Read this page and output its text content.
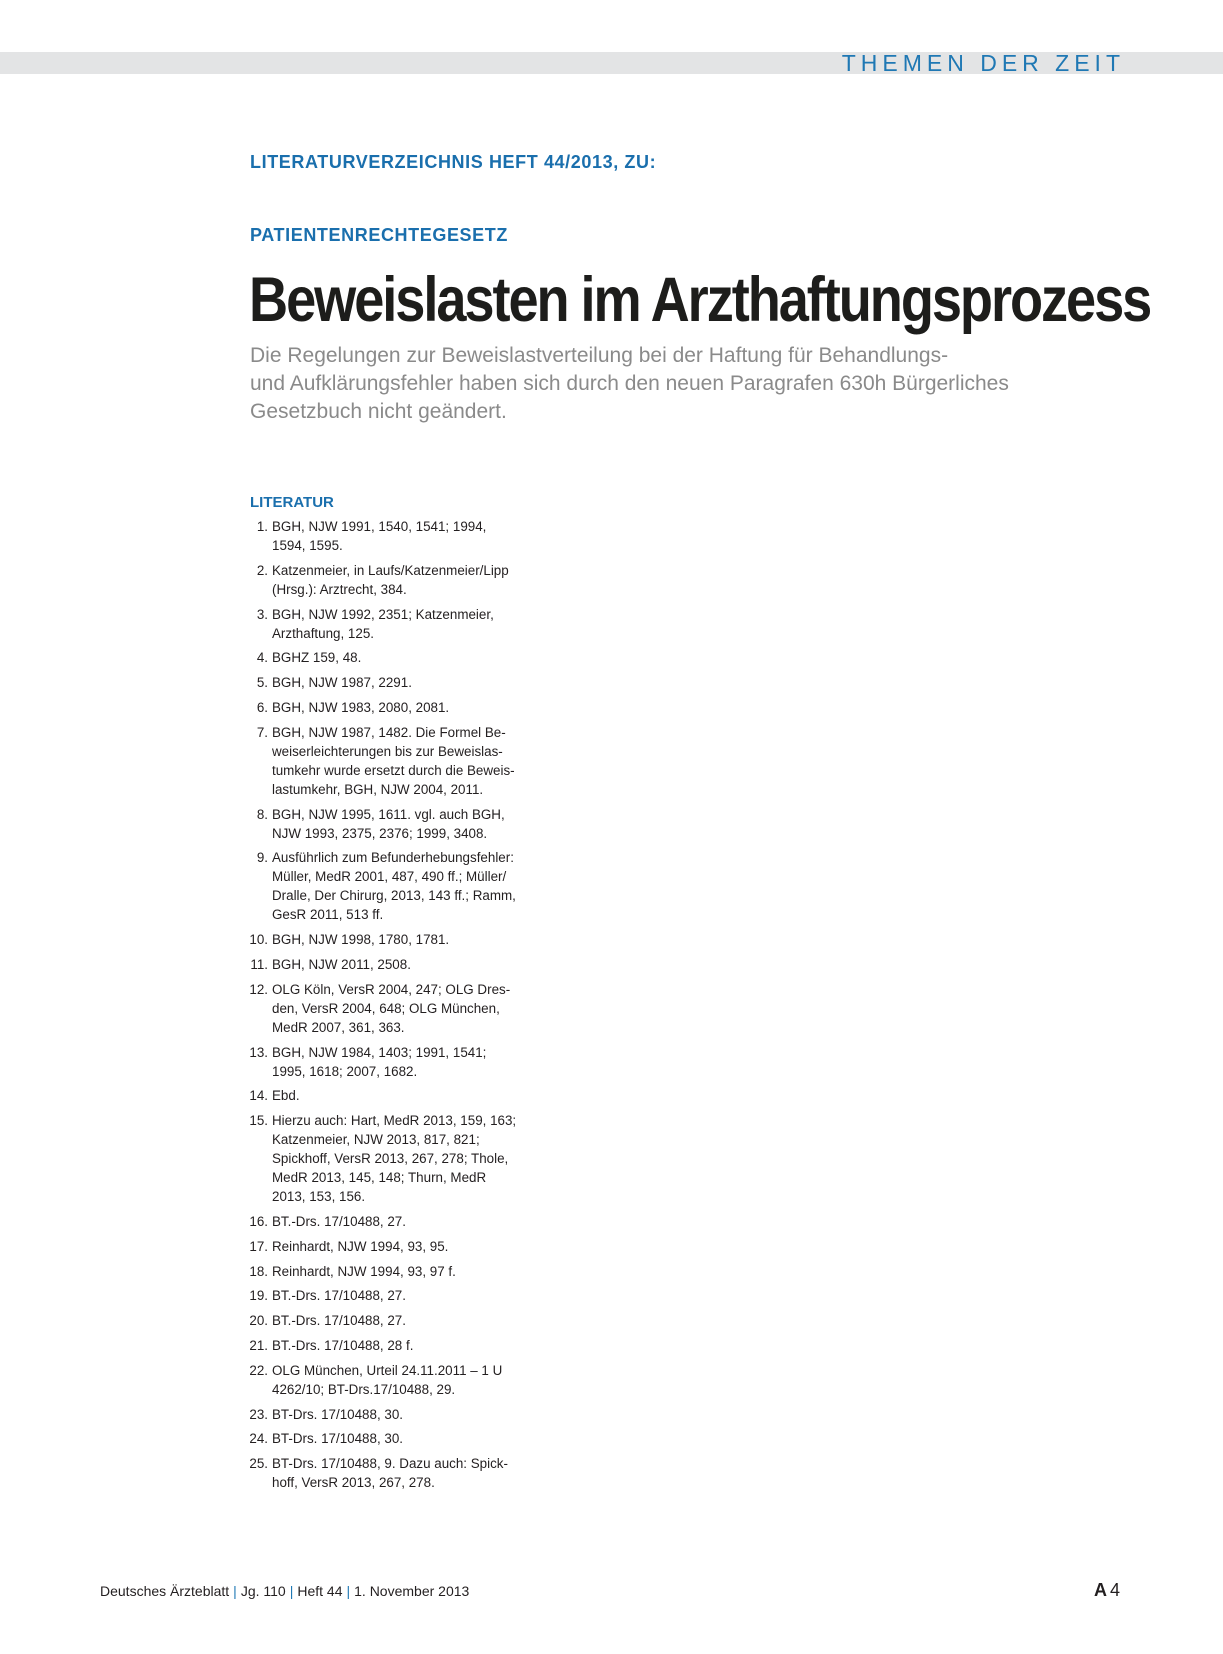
THEMEN DER ZEIT
LITERATURVERZEICHNIS HEFT 44/2013, ZU:
PATIENTENRECHTEGESETZ
Beweislasten im Arzthaftungsprozess
Die Regelungen zur Beweislastverteilung bei der Haftung für Behandlungs-
und Aufklärungsfehler haben sich durch den neuen Paragrafen 630h Bürgerliches
Gesetzbuch nicht geändert.
LITERATUR
1. BGH, NJW 1991, 1540, 1541; 1994,
1594, 1595.
2. Katzenmeier, in Laufs/Katzenmeier/Lipp
(Hrsg.): Arztrecht, 384.
3. BGH, NJW 1992, 2351; Katzenmeier,
Arzthaftung, 125.
4. BGHZ 159, 48.
5. BGH, NJW 1987, 2291.
6. BGH, NJW 1983, 2080, 2081.
7. BGH, NJW 1987, 1482. Die Formel Be-
weiserleichterungen bis zur Beweislas-
tumkehr wurde ersetzt durch die Beweis-
lastumkehr, BGH, NJW 2004, 2011.
8. BGH, NJW 1995, 1611. vgl. auch BGH,
NJW 1993, 2375, 2376; 1999, 3408.
9. Ausführlich zum Befunderhebungsfehler:
Müller, MedR 2001, 487, 490 ff.; Müller/
Dralle, Der Chirurg, 2013, 143 ff.; Ramm,
GesR 2011, 513 ff.
10. BGH, NJW 1998, 1780, 1781.
11. BGH, NJW 2011, 2508.
12. OLG Köln, VersR 2004, 247; OLG Dres-
den, VersR 2004, 648; OLG München,
MedR 2007, 361, 363.
13. BGH, NJW 1984, 1403; 1991, 1541;
1995, 1618; 2007, 1682.
14. Ebd.
15. Hierzu auch: Hart, MedR 2013, 159, 163;
Katzenmeier, NJW 2013, 817, 821;
Spickhoff, VersR 2013, 267, 278; Thole,
MedR 2013, 145, 148; Thurn, MedR
2013, 153, 156.
16. BT.-Drs. 17/10488, 27.
17. Reinhardt, NJW 1994, 93, 95.
18. Reinhardt, NJW 1994, 93, 97 f.
19. BT.-Drs. 17/10488, 27.
20. BT.-Drs. 17/10488, 27.
21. BT.-Drs. 17/10488, 28 f.
22. OLG München, Urteil 24.11.2011 – 1 U
4262/10; BT-Drs.17/10488, 29.
23. BT-Drs. 17/10488, 30.
24. BT-Drs. 17/10488, 30.
25. BT-Drs. 17/10488, 9. Dazu auch: Spick-
hoff, VersR 2013, 267, 278.
Deutsches Ärzteblatt | Jg. 110 | Heft 44 | 1. November 2013	A 4
